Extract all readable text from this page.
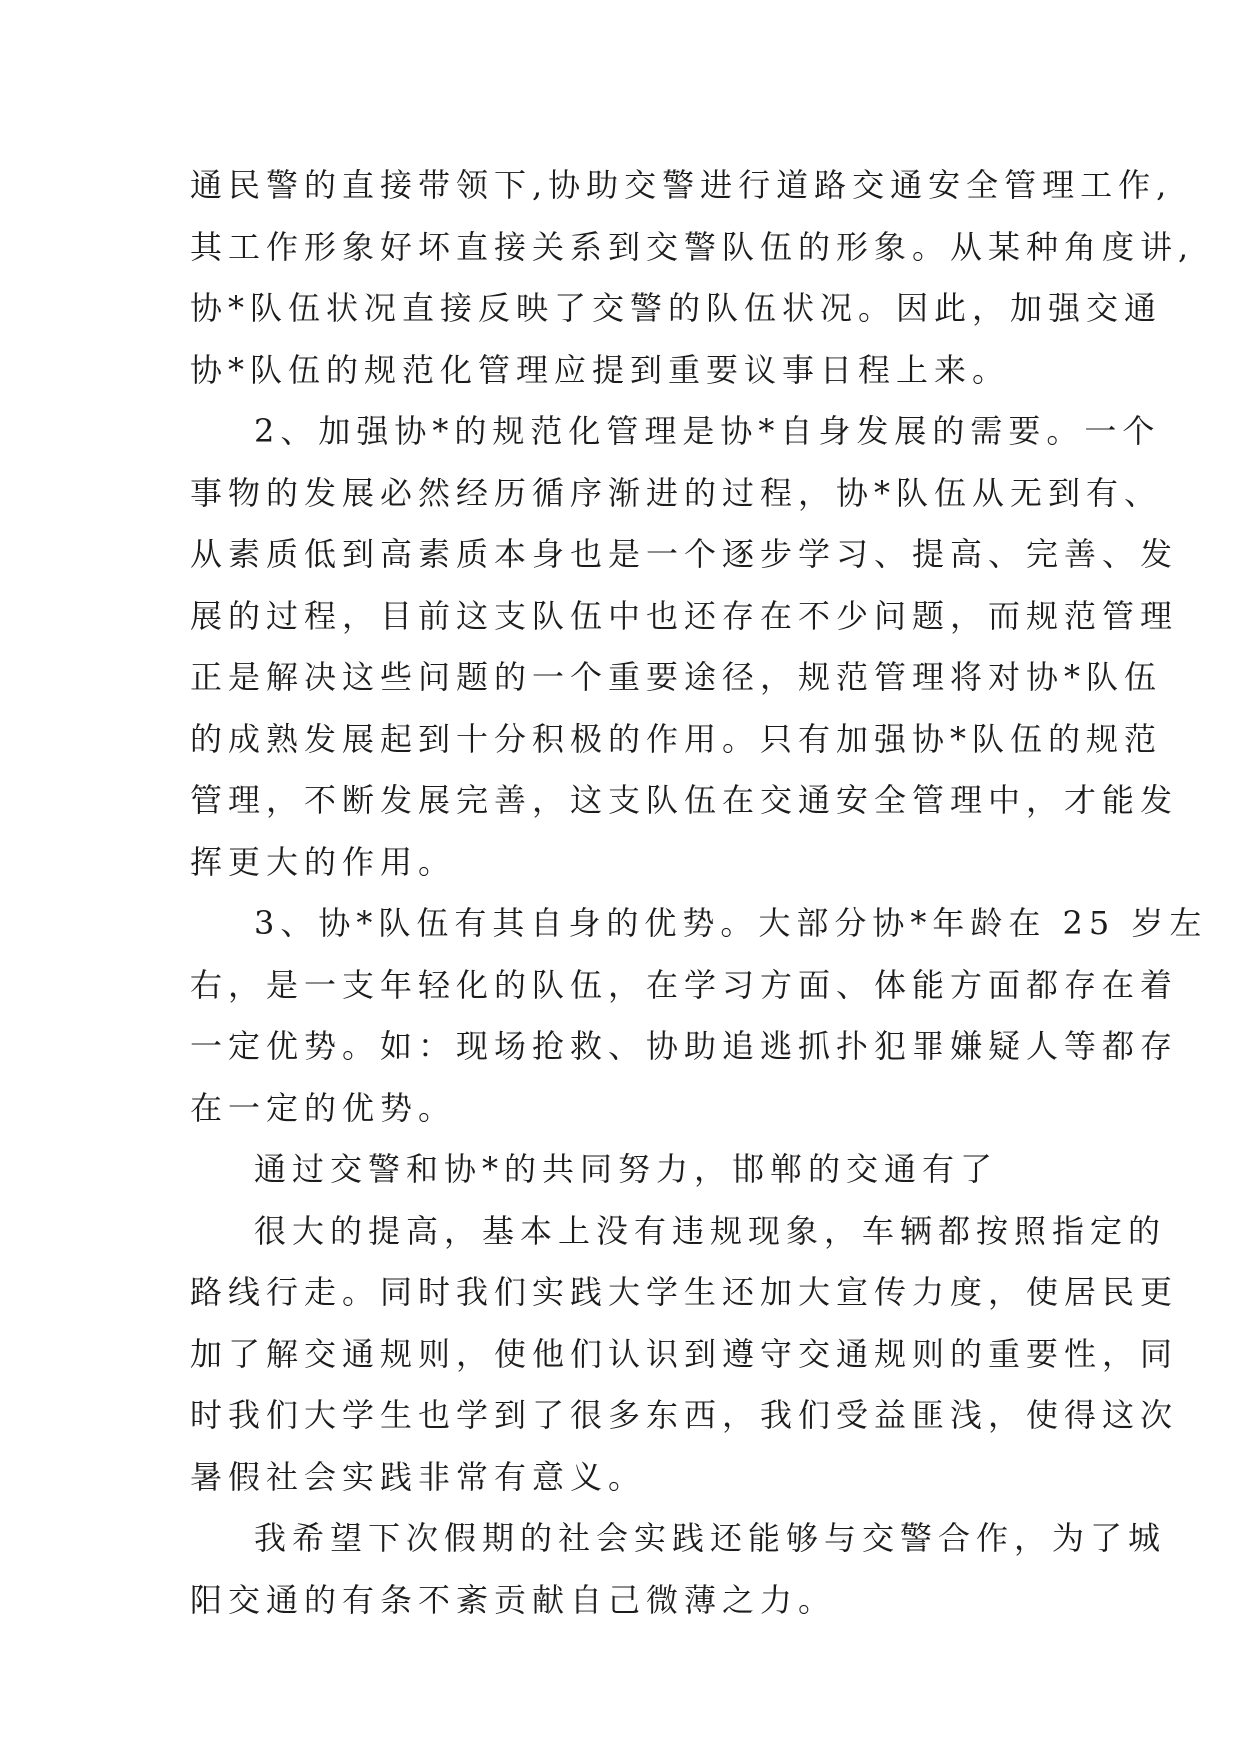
通民警的直接带领下,协助交警进行道路交通安全管理工作,
其工作形象好坏直接关系到交警队伍的形象。从某种角度讲,
协*队伍状况直接反映了交警的队伍状况。因此，加强交通
协*队伍的规范化管理应提到重要议事日程上来。
2、加强协*的规范化管理是协*自身发展的需要。一个
事物的发展必然经历循序渐进的过程，协*队伍从无到有、
从素质低到高素质本身也是一个逐步学习、提高、完善、发
展的过程，目前这支队伍中也还存在不少问题，而规范管理
正是解决这些问题的一个重要途径，规范管理将对协*队伍
的成熟发展起到十分积极的作用。只有加强协*队伍的规范
管理，不断发展完善，这支队伍在交通安全管理中，才能发
挥更大的作用。
3、协*队伍有其自身的优势。大部分协*年龄在 25 岁左
右，是一支年轻化的队伍，在学习方面、体能方面都存在着
一定优势。如：现场抢救、协助追逃抓扑犯罪嫌疑人等都存
在一定的优势。
通过交警和协*的共同努力，邯郸的交通有了
很大的提高，基本上没有违规现象，车辆都按照指定的
路线行走。同时我们实践大学生还加大宣传力度，使居民更
加了解交通规则，使他们认识到遵守交通规则的重要性，同
时我们大学生也学到了很多东西，我们受益匪浅，使得这次
暑假社会实践非常有意义。
我希望下次假期的社会实践还能够与交警合作，为了城
阳交通的有条不紊贡献自己微薄之力。
